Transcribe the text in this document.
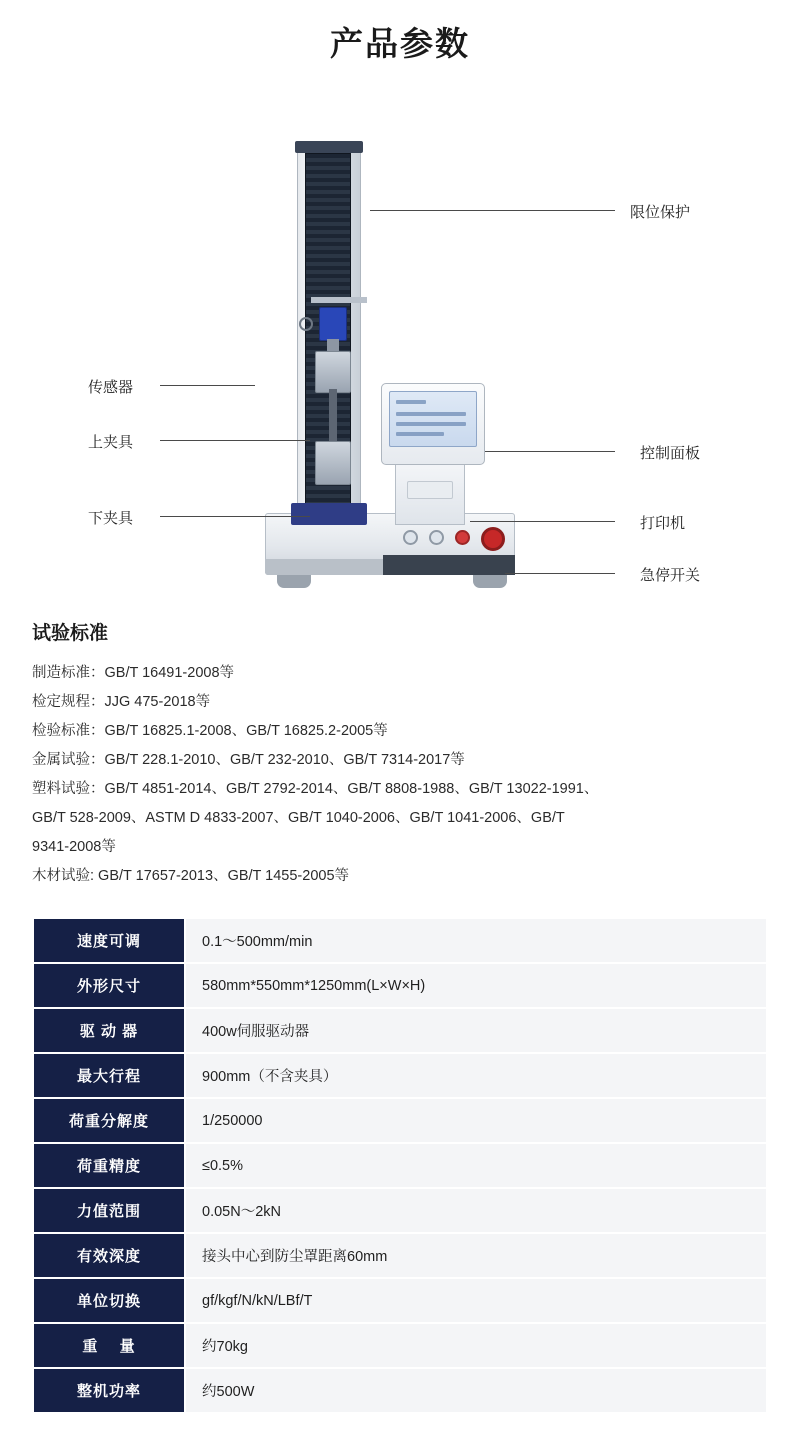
产品参数
限位保护
传感器
上夹具
下夹具
控制面板
打印机
急停开关
试验标准

制造标准：GB/T 16491-2008等

检定规程：JJG 475-2018等

检验标准：GB/T 16825.1-2008、GB/T 16825.2-2005等

金属试验：GB/T 228.1-2010、GB/T 232-2010、GB/T 7314-2017等

塑料试验：GB/T 4851-2014、GB/T 2792-2014、GB/T 8808-1988、GB/T 13022-1991、

GB/T 528-2009、ASTM D 4833-2007、GB/T 1040-2006、GB/T 1041-2006、GB/T

9341-2008等

木材试验: GB/T 17657-2013、GB/T 1455-2005等

速度可调	0.1～500mm/min
外形尺寸	580mm*550mm*1250mm(L×W×H)
驱 动 器	400w伺服驱动器
最大行程	900mm（不含夹具）
荷重分解度	1/250000
荷重精度	≤0.5%
力值范围	0.05N～2kN
有效深度	接头中心到防尘罩距离60mm
单位切换	gf/kgf/N/kN/LBf/T
重　 量	约70kg
整机功率	约500W
